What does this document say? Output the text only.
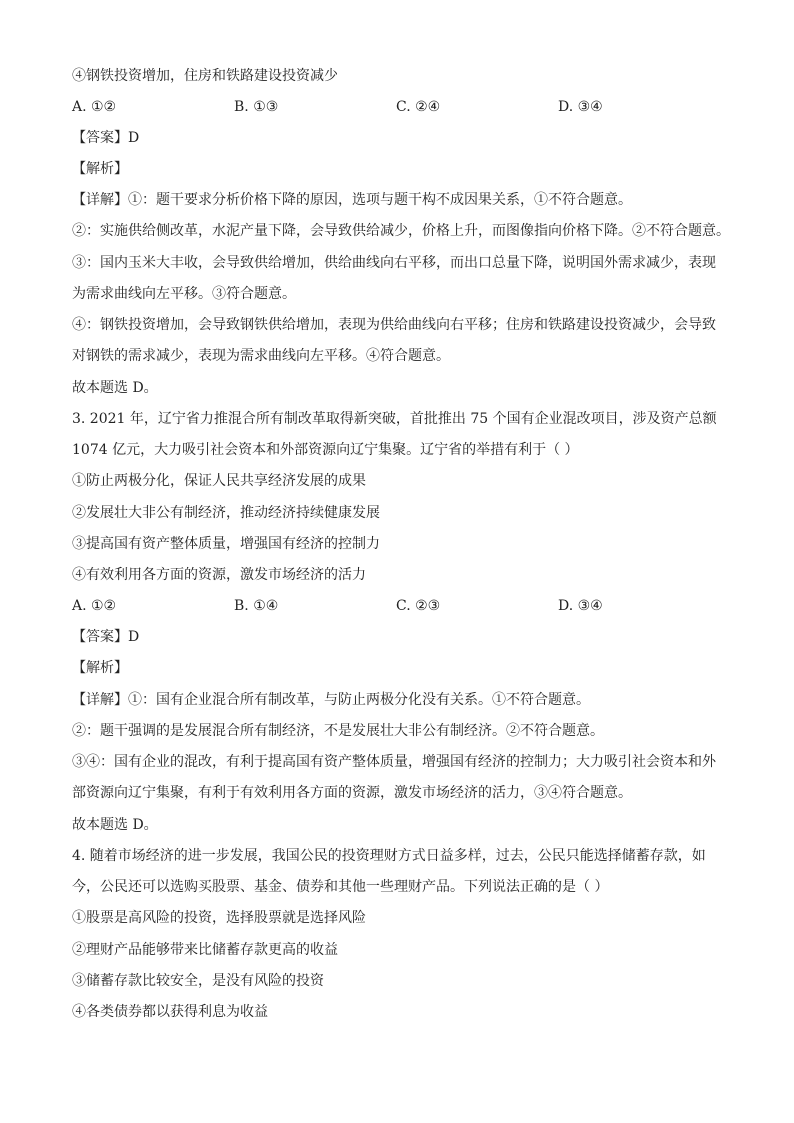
④钢铁投资增加，住房和铁路建设投资减少
A. ①②	B. ①③	C. ②④	D. ③④
【答案】D
【解析】
【详解】①：题干要求分析价格下降的原因，选项与题干构不成因果关系，①不符合题意。
②：实施供给侧改革，水泥产量下降，会导致供给减少，价格上升，而图像指向价格下降。②不符合题意。
③：国内玉米大丰收，会导致供给增加，供给曲线向右平移，而出口总量下降，说明国外需求减少，表现
为需求曲线向左平移。③符合题意。
④：钢铁投资增加，会导致钢铁供给增加，表现为供给曲线向右平移；住房和铁路建设投资减少，会导致
对钢铁的需求减少，表现为需求曲线向左平移。④符合题意。
故本题选 D。
3. 2021 年，辽宁省力推混合所有制改革取得新突破，首批推出 75 个国有企业混改项目，涉及资产总额
1074 亿元，大力吸引社会资本和外部资源向辽宁集聚。辽宁省的举措有利于（ ）
①防止两极分化，保证人民共享经济发展的成果
②发展壮大非公有制经济，推动经济持续健康发展
③提高国有资产整体质量，增强国有经济的控制力
④有效利用各方面的资源，激发市场经济的活力
A. ①②	B. ①④	C. ②③	D. ③④
【答案】D
【解析】
【详解】①：国有企业混合所有制改革，与防止两极分化没有关系。①不符合题意。
②：题干强调的是发展混合所有制经济，不是发展壮大非公有制经济。②不符合题意。
③④：国有企业的混改，有利于提高国有资产整体质量，增强国有经济的控制力；大力吸引社会资本和外
部资源向辽宁集聚，有利于有效利用各方面的资源，激发市场经济的活力，③④符合题意。
故本题选 D。
4. 随着市场经济的进一步发展，我国公民的投资理财方式日益多样，过去，公民只能选择储蓄存款，如
今，公民还可以选购买股票、基金、债券和其他一些理财产品。下列说法正确的是（ ）
①股票是高风险的投资，选择股票就是选择风险
②理财产品能够带来比储蓄存款更高的收益
③储蓄存款比较安全，是没有风险的投资
④各类债券都以获得利息为收益
